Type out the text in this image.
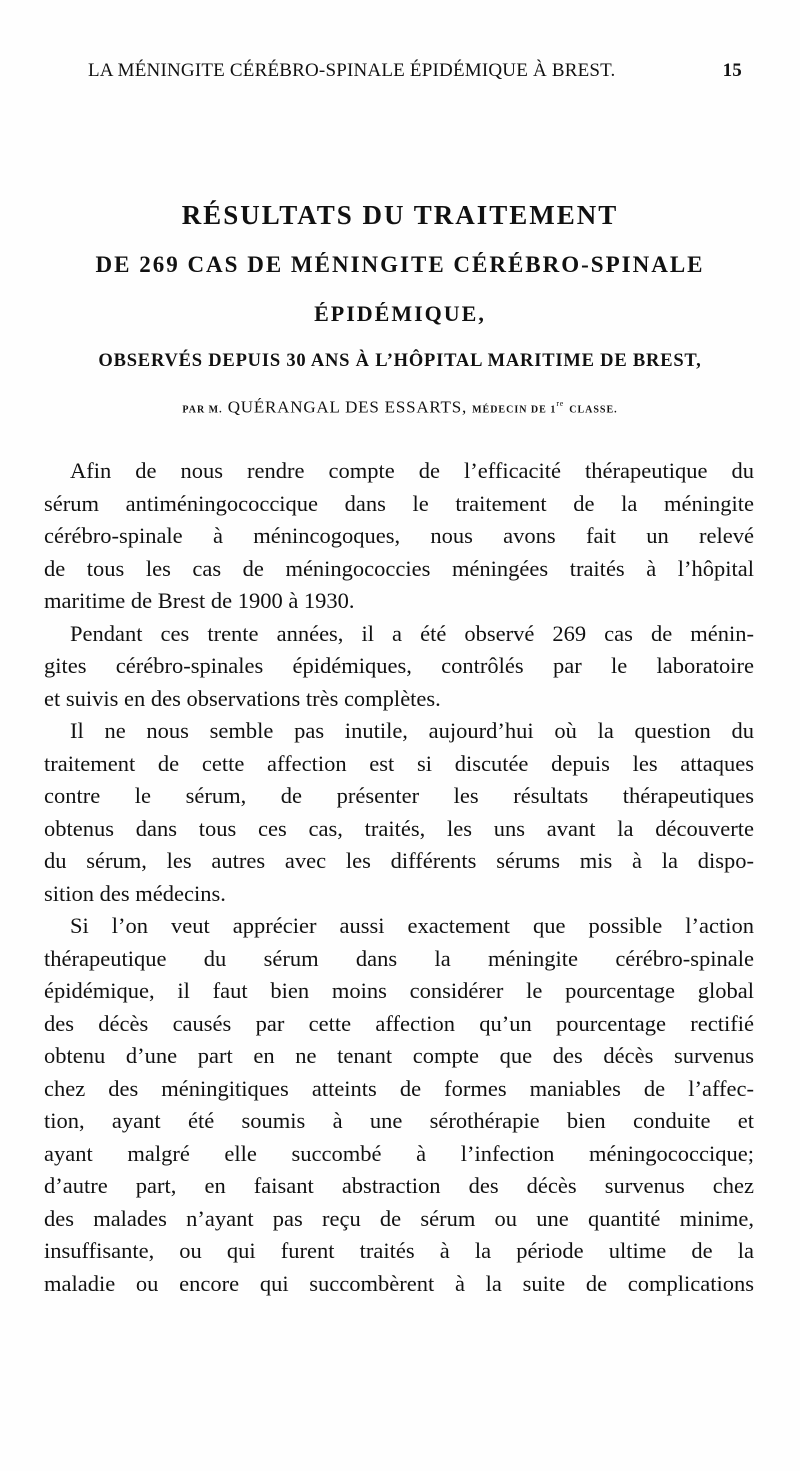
LA MÉNINGITE CÉRÉBRO-SPINALE ÉPIDÉMIQUE À BREST.	15
RÉSULTATS DU TRAITEMENT
DE 269 CAS DE MÉNINGITE CÉRÉBRO-SPINALE
ÉPIDÉMIQUE,
OBSERVÉS DEPUIS 30 ANS À L’HÔPITAL MARITIME DE BREST,
PAR M. QUÉRANGAL DES ESSARTS, MÉDECIN DE 1re CLASSE.
Afin de nous rendre compte de l’efficacité thérapeutique du
sérum antiméningococcique dans le traitement de la méningite
cérébro-spinale à ménincogoques, nous avons fait un relevé
de tous les cas de méningococcies méningées traités à l’hôpital
maritime de Brest de 1900 à 1930.
Pendant ces trente années, il a été observé 269 cas de ménin-
gites cérébro-spinales épidémiques, contrôlés par le laboratoire
et suivis en des observations très complètes.
Il ne nous semble pas inutile, aujourd’hui où la question du
traitement de cette affection est si discutée depuis les attaques
contre le sérum, de présenter les résultats thérapeutiques
obtenus dans tous ces cas, traités, les uns avant la découverte
du sérum, les autres avec les différents sérums mis à la dispo-
sition des médecins.
Si l’on veut apprécier aussi exactement que possible l’action
thérapeutique du sérum dans la méningite cérébro-spinale
épidémique, il faut bien moins considérer le pourcentage global
des décès causés par cette affection qu’un pourcentage rectifié
obtenu d’une part en ne tenant compte que des décès survenus
chez des méningitiques atteints de formes maniables de l’affec-
tion, ayant été soumis à une sérothérapie bien conduite et
ayant malgré elle succombé à l’infection méningococcique;
d’autre part, en faisant abstraction des décès survenus chez
des malades n’ayant pas reçu de sérum ou une quantité minime,
insuffisante, ou qui furent traités à la période ultime de la
maladie ou encore qui succombèrent à la suite de complications
